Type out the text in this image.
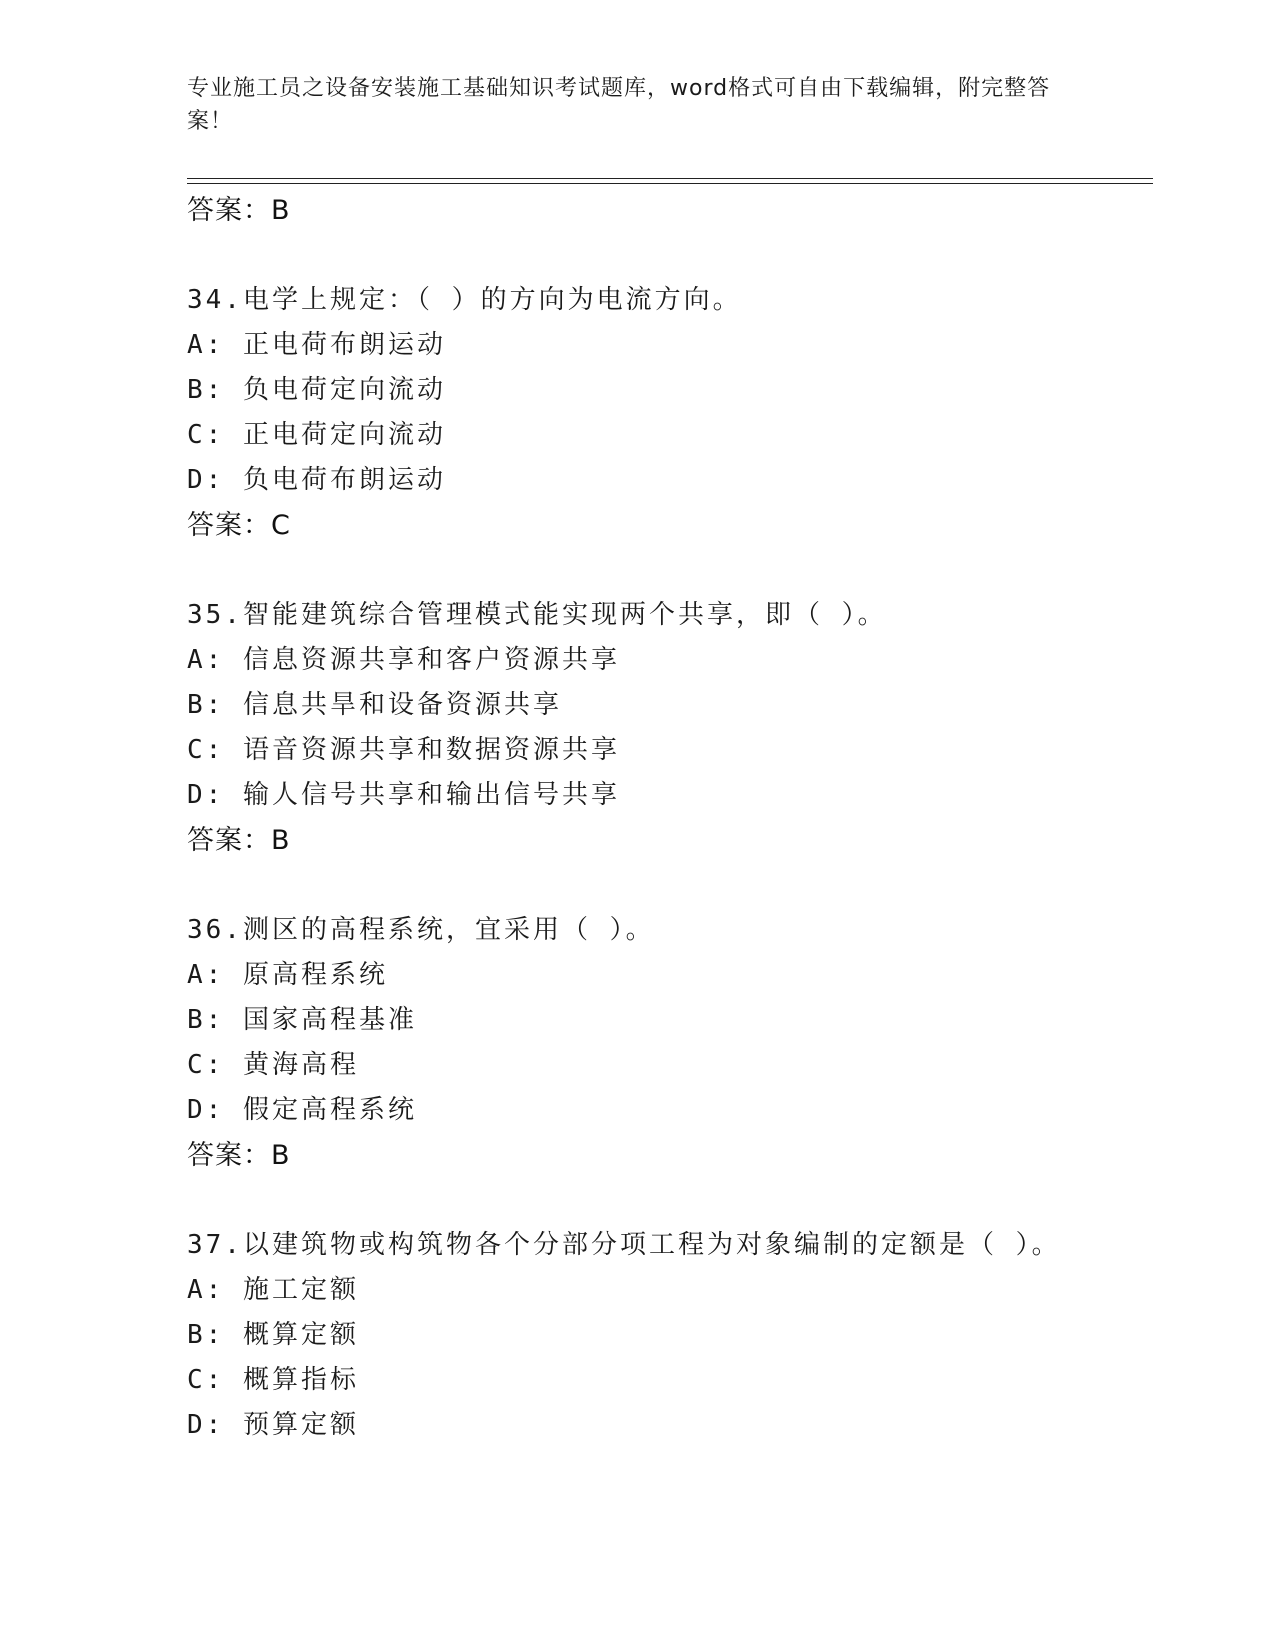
专业施工员之设备安装施工基础知识考试题库，word格式可自由下载编辑，附完整答案！
答案：B
34.电学上规定：（ ）的方向为电流方向。
A: 正电荷布朗运动
B: 负电荷定向流动
C: 正电荷定向流动
D: 负电荷布朗运动
答案：C
35.智能建筑综合管理模式能实现两个共享，即（ ）。
A: 信息资源共享和客户资源共享
B: 信息共旱和设备资源共享
C: 语音资源共享和数据资源共享
D: 输人信号共享和输出信号共享
答案：B
36.测区的高程系统，宜采用（ ）。
A: 原高程系统
B: 国家高程基准
C: 黄海高程
D: 假定高程系统
答案：B
37.以建筑物或构筑物各个分部分项工程为对象编制的定额是（ ）。
A: 施工定额
B: 概算定额
C: 概算指标
D: 预算定额
